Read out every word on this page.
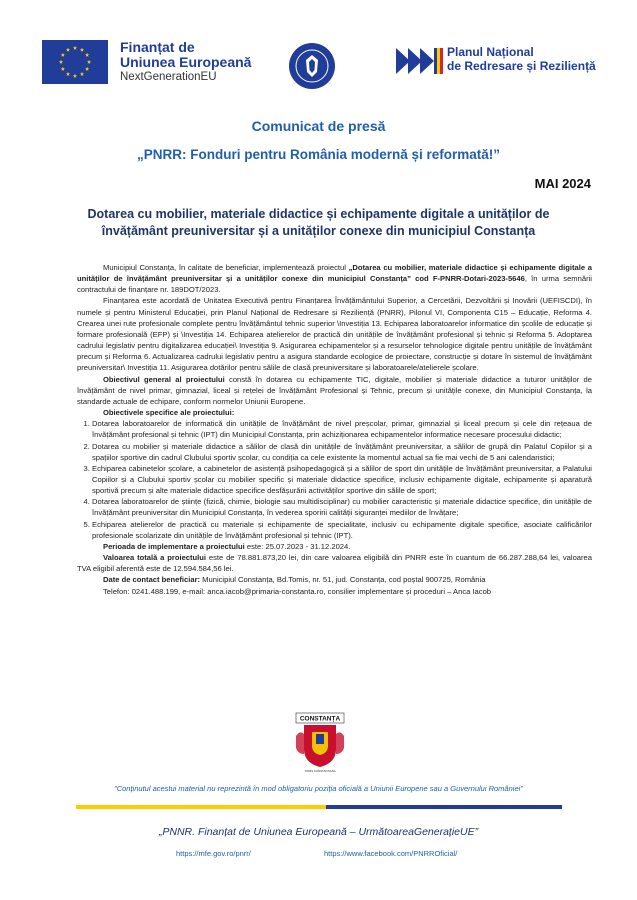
Finanțat de
Uniunea Europeană
NextGenerationEU
Planul Național
de Redresare și Reziliență
Comunicat de presă
„PNRR: Fonduri pentru România modernă și reformată!”
MAI 2024
Dotarea cu mobilier, materiale didactice și echipamente digitale a unităților de învățământ preuniversitar și a unităților conexe din municipiul Constanța

Municipiul Constanța, în calitate de beneficiar, implementează proiectul „Dotarea cu mobilier, materiale didactice și echipamente digitale a unităților de învățământ preuniversitar și a unităților conexe din municipiul Constanța” cod F-PNRR-Dotari-2023-5646, în urma semnării contractului de finanțare nr. 189DOT/2023.

Finanțarea este acordată de Unitatea Executivă pentru Finanțarea Învățământului Superior, a Cercetării, Dezvoltării și Inovării (UEFISCDI), în numele și pentru Ministerul Educației, prin Planul Național de Redresare și Reziliență (PNRR), Pilonul VI, Componenta C15 – Educație, Reforma 4. Crearea unei rute profesionale complete pentru învățământul tehnic superior \Investiția 13. Echiparea laboratoarelor informatice din școlile de educație și formare profesională (EFP) și \Investiția 14. Echiparea atelierelor de practică din unitățile de învățământ profesional și tehnic și Reforma 5. Adoptarea cadrului legislativ pentru digitalizarea educației\ Investiția 9. Asigurarea echipamentelor și a resurselor tehnologice digitale pentru unitățile de învățământ precum și Reforma 6. Actualizarea cadrului legislativ pentru a asigura standarde ecologice de proiectare, construcție și dotare în sistemul de învățământ preuniversitar\ Investiția 11. Asigurarea dotărilor pentru sălile de clasă preuniversitare și laboratoarele/atelierele școlare.

Obiectivul general al proiectului constă în dotarea cu echipamente TIC, digitale, mobilier și materiale didactice a tuturor unităților de învățământ de nivel primar, gimnazial, liceal și rețelei de învățământ Profesional și Tehnic, precum și unitățile conexe, din Municipiul Constanța, la standarde actuale de echipare, conform normelor Uniunii Europene.

Obiectivele specifice ale proiectului:

1. Dotarea laboratoarelor de informatică din unitățile de învățământ de nivel preșcolar, primar, gimnazial și liceal precum și cele din rețeaua de învățământ profesional și tehnic (IPT) din Municipiul Constanța, prin achiziționarea echipamentelor informatice necesare procesului didactic;
2. Dotarea cu mobilier și materiale didactice a sălilor de clasă din unitățile de învățământ preuniversitar, a sălilor de grupă din Palatul Copiilor și a spațiilor sportive din cadrul Clubului sportiv școlar, cu condiția ca cele existente la momentul actual sa fie mai vechi de 5 ani calendaristici;
3. Echiparea cabinetelor școlare, a cabinetelor de asistență psihopedagogică și a sălilor de sport din unitățile de învățământ preuniversitar, a Palatului Copiilor și a Clubului sportiv școlar cu mobilier specific și materiale didactice specifice, inclusiv echipamente digitale, echipamente și aparatură sportivă precum și alte materiale didactice specifice desfășurării activităților sportive din sălile de sport;
4. Dotarea laboratoarelor de științe (fizică, chimie, biologie sau multidisciplinar) cu mobilier caracteristic și materiale didactice specifice, din unitățile de învățământ preuniversitar din Municipiul Constanța, în vederea sporirii calității siguranței mediilor de învățare;
5. Echiparea atelierelor de practică cu materiale și echipamente de specialitate, inclusiv cu echipamente digitale specifice, asociate calificărilor profesionale scolarizate din unitățile de învățământ profesional și tehnic (IPT).

Perioada de implementare a proiectului este: 25.07.2023 - 31.12.2024.

Valoarea totală a proiectului este de 78.881.873,20 lei, din care valoarea eligibilă din PNRR este în cuantum de 66.287.288,64 lei, valoarea TVA eligibil aferentă este de 12.594.584,56 lei.

Date de contact beneficiar: Municipiul Constanța, Bd.Tomis, nr. 51, jud. Constanța, cod poștal 900725, România

Telefon: 0241.488.199, e-mail: anca.iacob@primaria-constanta.ro, consilier implementare și proceduri – Anca Iacob

CONSTANȚA
TOMIS CONSTANTIANA
”Conținutul acestui material nu reprezintă în mod obligatoriu poziția oficială a Uniunii Europene sau a Guvernului României”
„PNNR. Finanțat de Uniunea Europeană – UrmătoareaGenerațieUE”
https://mfe.gov.ro/pnrr/	https://www.facebook.com/PNRROficial/
